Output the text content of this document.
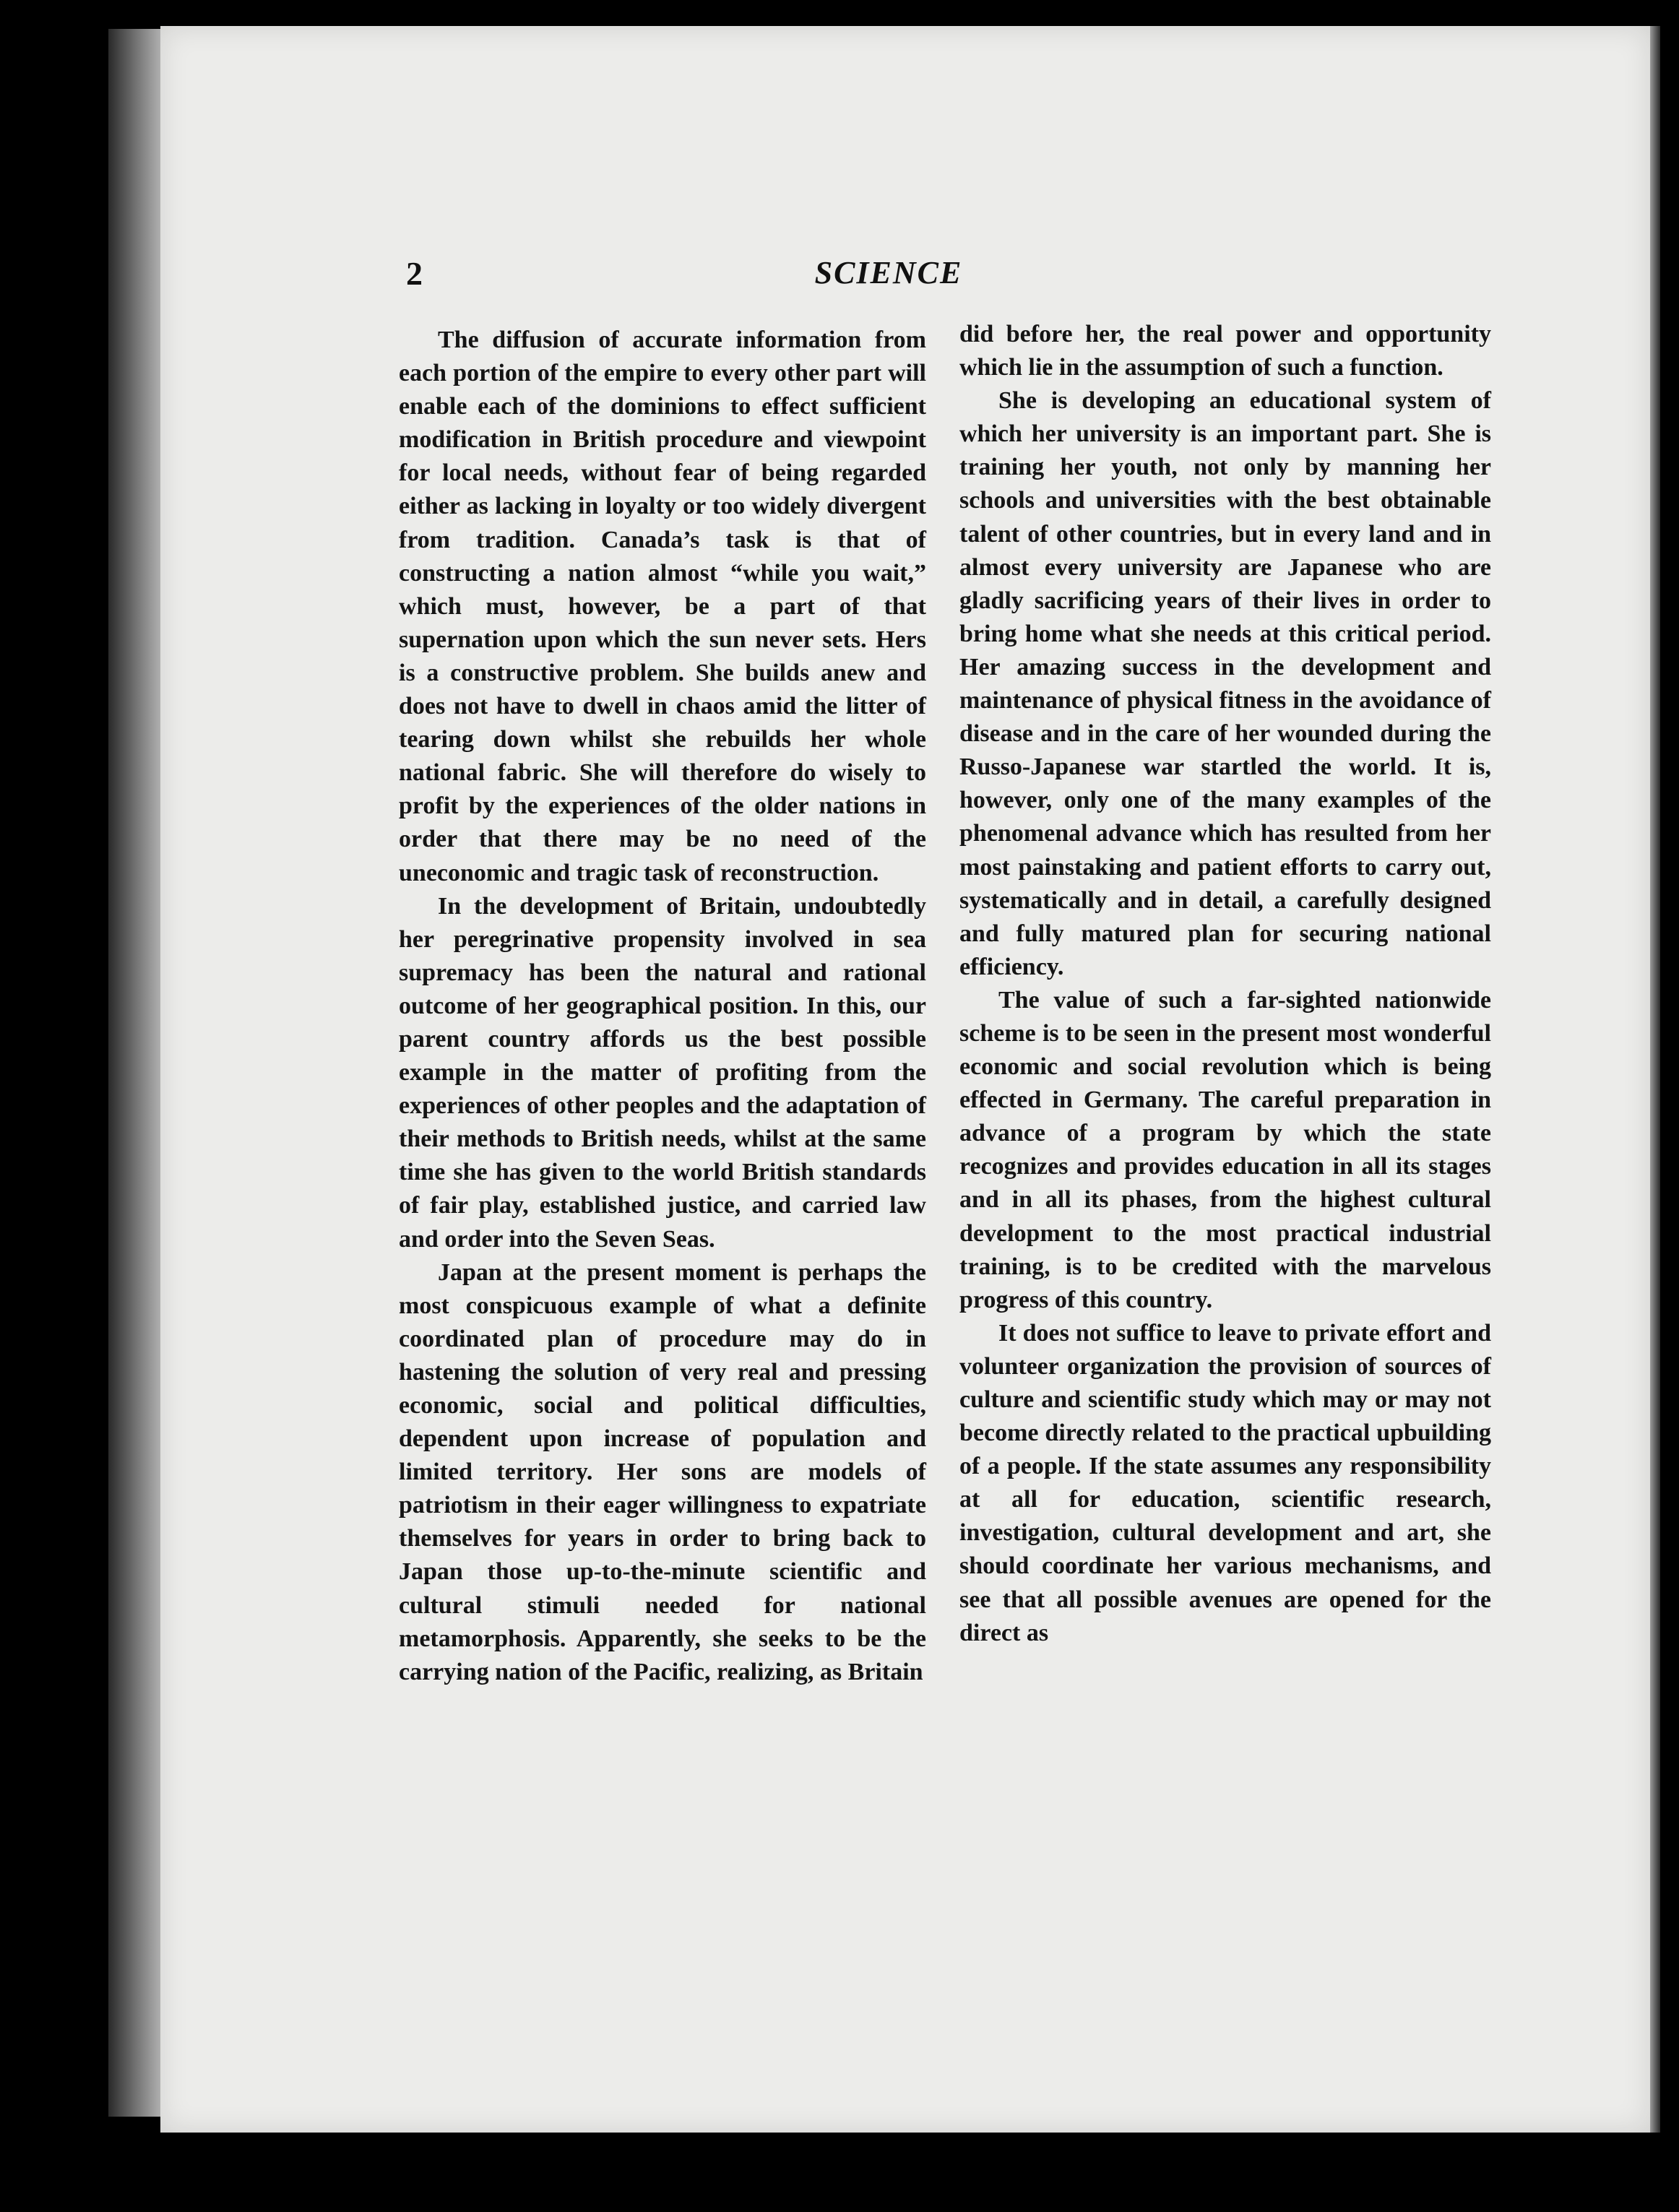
2	SCIENCE

The diffusion of accurate information from each portion of the empire to every other part will enable each of the dominions to effect sufficient modification in British procedure and viewpoint for local needs, without fear of being regarded either as lacking in loyalty or too widely divergent from tradition. Canada’s task is that of constructing a nation almost “while you wait,” which must, however, be a part of that supernation upon which the sun never sets. Hers is a constructive problem. She builds anew and does not have to dwell in chaos amid the litter of tearing down whilst she rebuilds her whole national fabric. She will therefore do wisely to profit by the experiences of the older nations in order that there may be no need of the uneconomic and tragic task of reconstruction.

In the development of Britain, undoubtedly her peregrinative propensity involved in sea supremacy has been the natural and rational outcome of her geographical position. In this, our parent country affords us the best possible example in the matter of profiting from the experiences of other peoples and the adaptation of their methods to British needs, whilst at the same time she has given to the world British standards of fair play, established justice, and carried law and order into the Seven Seas.

Japan at the present moment is perhaps the most conspicuous example of what a definite coordinated plan of procedure may do in hastening the solution of very real and pressing economic, social and political difficulties, dependent upon increase of population and limited territory. Her sons are models of patriotism in their eager willingness to expatriate themselves for years in order to bring back to Japan those up-to-the-minute scientific and cultural stimuli needed for national metamorphosis. Apparently, she seeks to be the carrying nation of the Pacific, realizing, as Britain

did before her, the real power and opportunity which lie in the assumption of such a function.

She is developing an educational system of which her university is an important part. She is training her youth, not only by manning her schools and universities with the best obtainable talent of other countries, but in every land and in almost every university are Japanese who are gladly sacrificing years of their lives in order to bring home what she needs at this critical period. Her amazing success in the development and maintenance of physical fitness in the avoidance of disease and in the care of her wounded during the Russo-Japanese war startled the world. It is, however, only one of the many examples of the phenomenal advance which has resulted from her most painstaking and patient efforts to carry out, systematically and in detail, a carefully designed and fully matured plan for securing national efficiency.

The value of such a far-sighted nationwide scheme is to be seen in the present most wonderful economic and social revolution which is being effected in Germany. The careful preparation in advance of a program by which the state recognizes and provides education in all its stages and in all its phases, from the highest cultural development to the most practical industrial training, is to be credited with the marvelous progress of this country.

It does not suffice to leave to private effort and volunteer organization the provision of sources of culture and scientific study which may or may not become directly related to the practical upbuilding of a people. If the state assumes any responsibility at all for education, scientific research, investigation, cultural development and art, she should coordinate her various mechanisms, and see that all possible avenues are opened for the direct as
